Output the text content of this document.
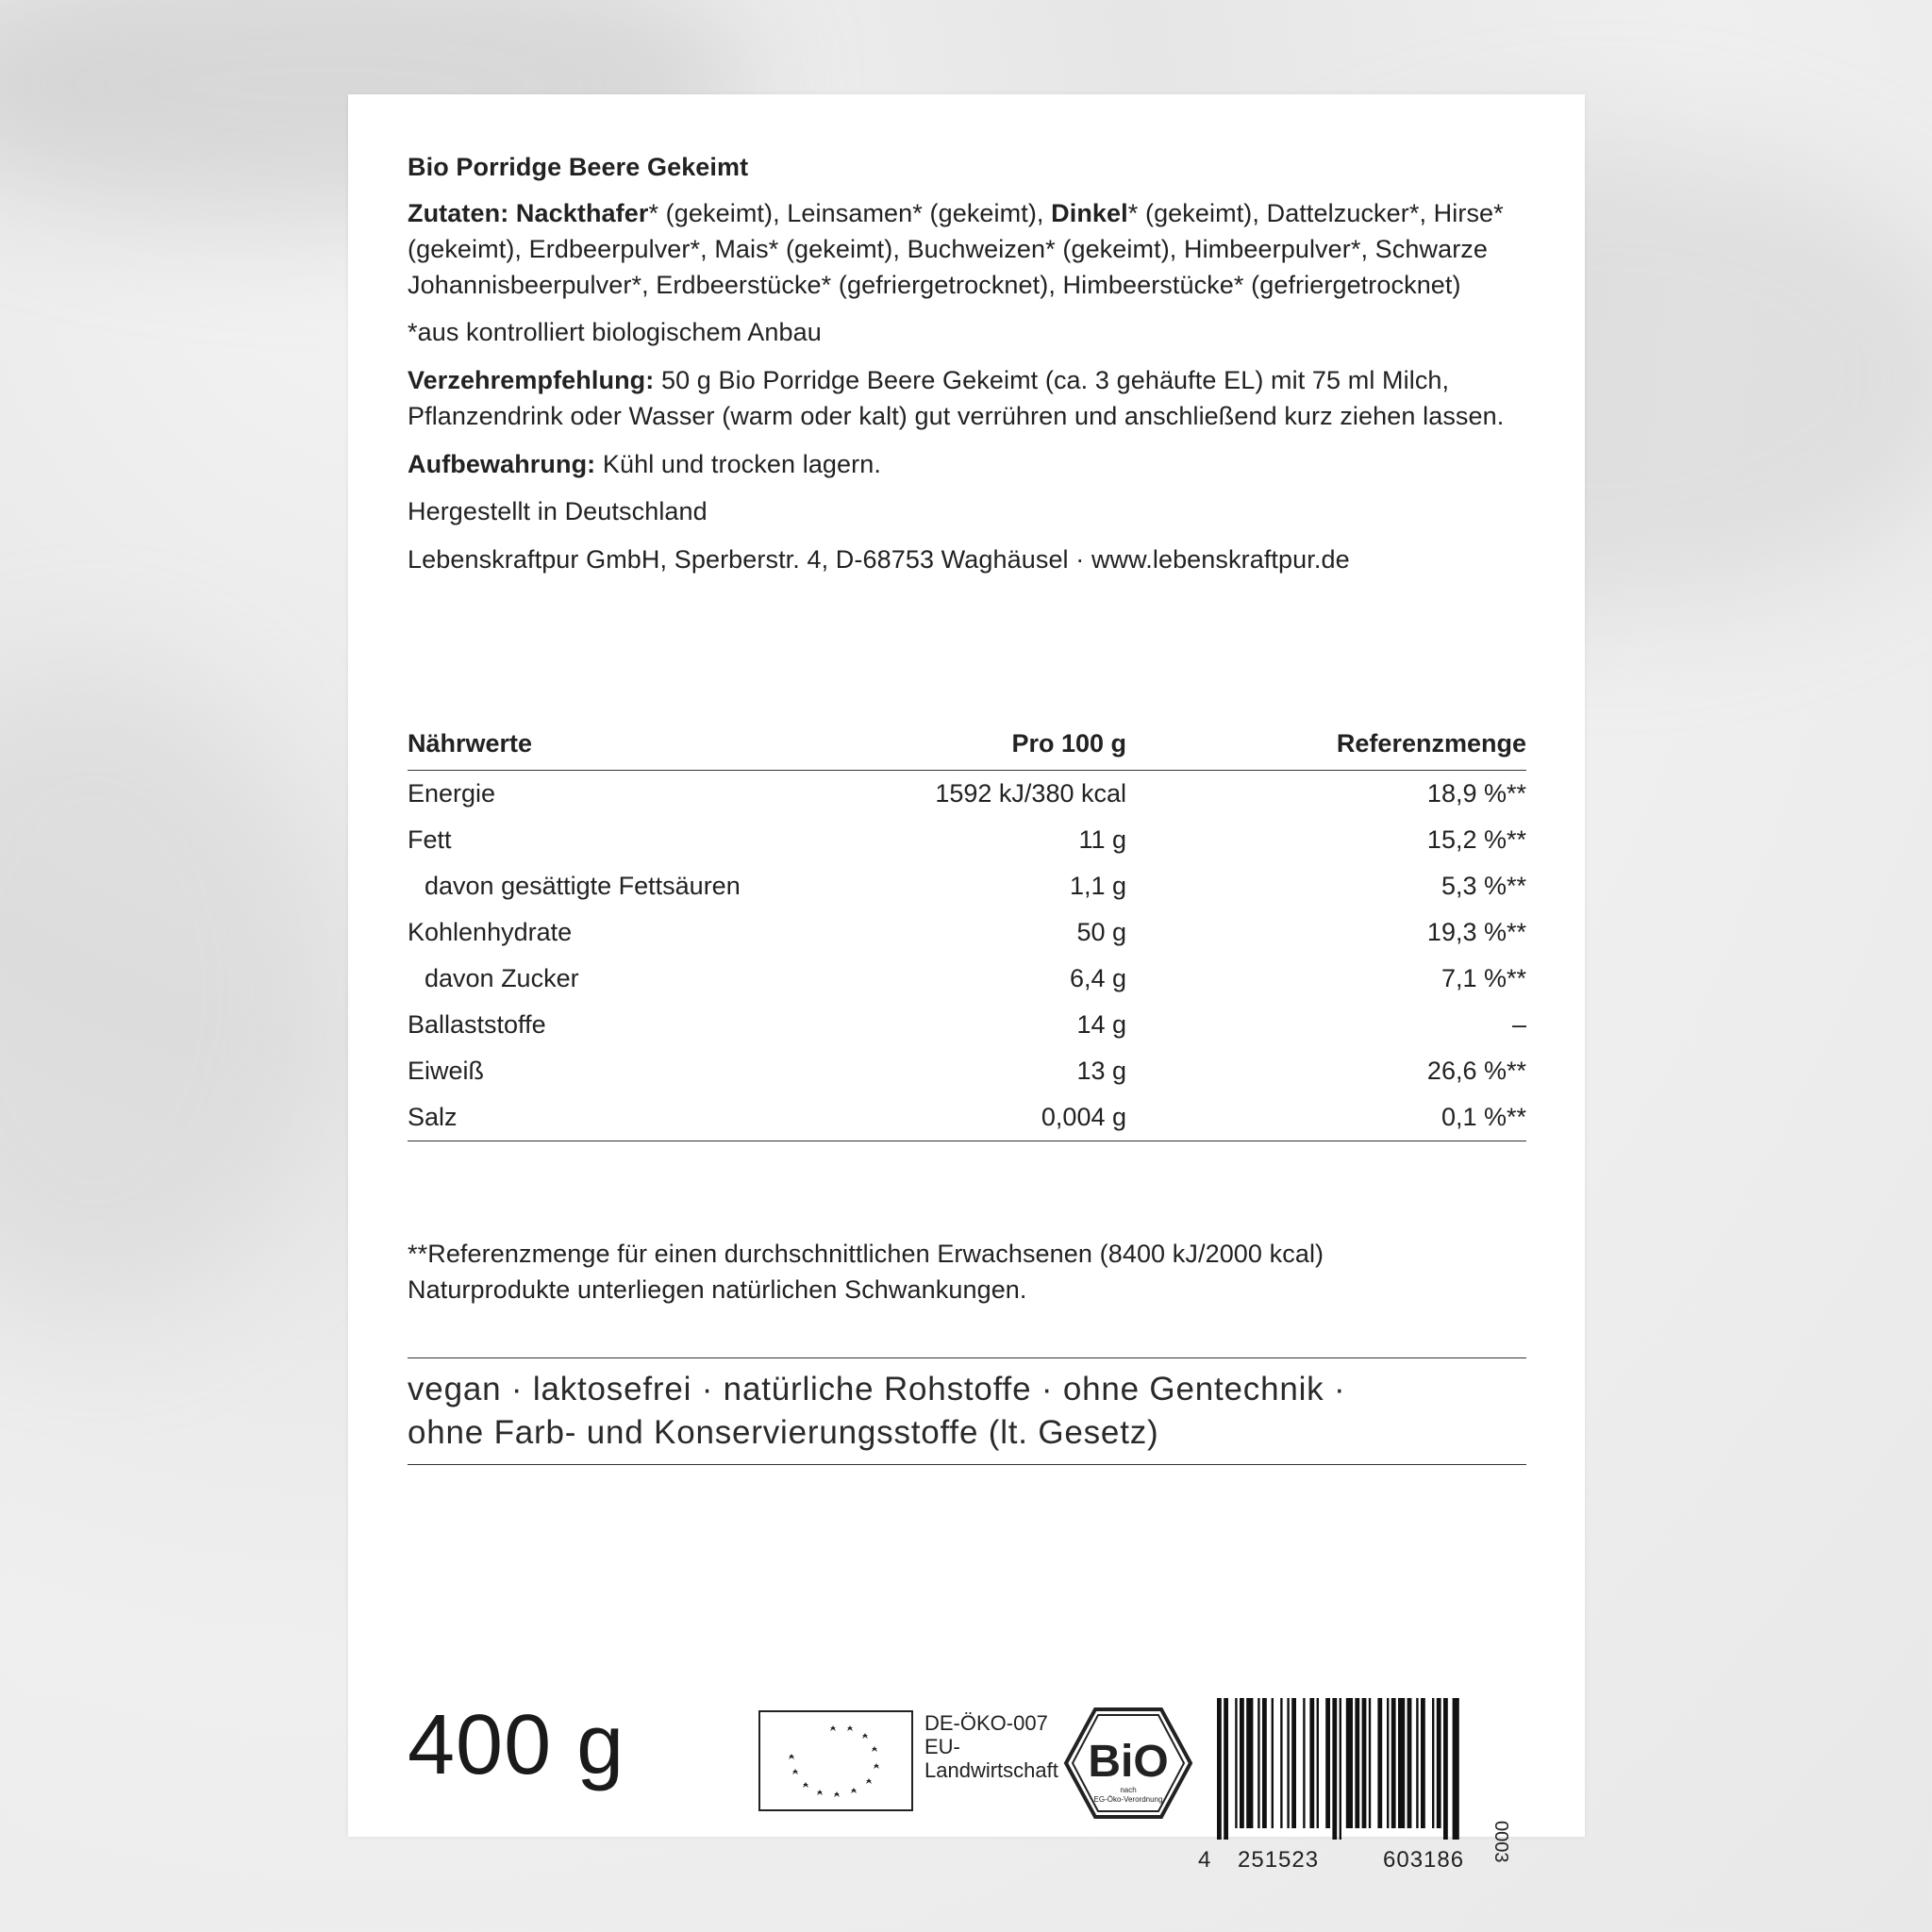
Bio Porridge Beere Gekeimt

Zutaten: Nackthafer* (gekeimt), Leinsamen* (gekeimt), Dinkel* (gekeimt), Dattelzucker*, Hirse* (gekeimt), Erdbeerpulver*, Mais* (gekeimt), Buchweizen* (gekeimt), Himbeerpulver*, Schwarze Johannisbeerpulver*, Erdbeerstücke* (gefriergetrocknet), Himbeerstücke* (gefriergetrocknet)

*aus kontrolliert biologischem Anbau

Verzehrempfehlung: 50 g Bio Porridge Beere Gekeimt (ca. 3 gehäufte EL) mit 75 ml Milch, Pflanzendrink oder Wasser (warm oder kalt) gut verrühren und anschließend kurz ziehen lassen.

Aufbewahrung: Kühl und trocken lagern.

Hergestellt in Deutschland

Lebenskraftpur GmbH, Sperberstr. 4, D-68753 Waghäusel · www.lebenskraftpur.de

Nährwerte	Pro 100 g	Referenzmenge
Energie	1592 kJ/380 kcal	18,9 %**
Fett	11 g	15,2 %**
davon gesättigte Fettsäuren	1,1 g	5,3 %**
Kohlenhydrate	50 g	19,3 %**
davon Zucker	6,4 g	7,1 %**
Ballaststoffe	14 g	–
Eiweiß	13 g	26,6 %**
Salz	0,004 g	0,1 %**

**Referenzmenge für einen durchschnittlichen Erwachsenen (8400 kJ/2000 kcal)

Naturprodukte unterliegen natürlichen Schwankungen.

vegan · laktosefrei · natürliche Rohstoffe · ohne Gentechnik ·
ohne Farb- und Konservierungsstoffe (lt. Gesetz)
400 g	DE-ÖKO-007
EU-
Landwirtschaft BiO
nach
EG-Öko-Verordnung
4 251523	603186 0003
